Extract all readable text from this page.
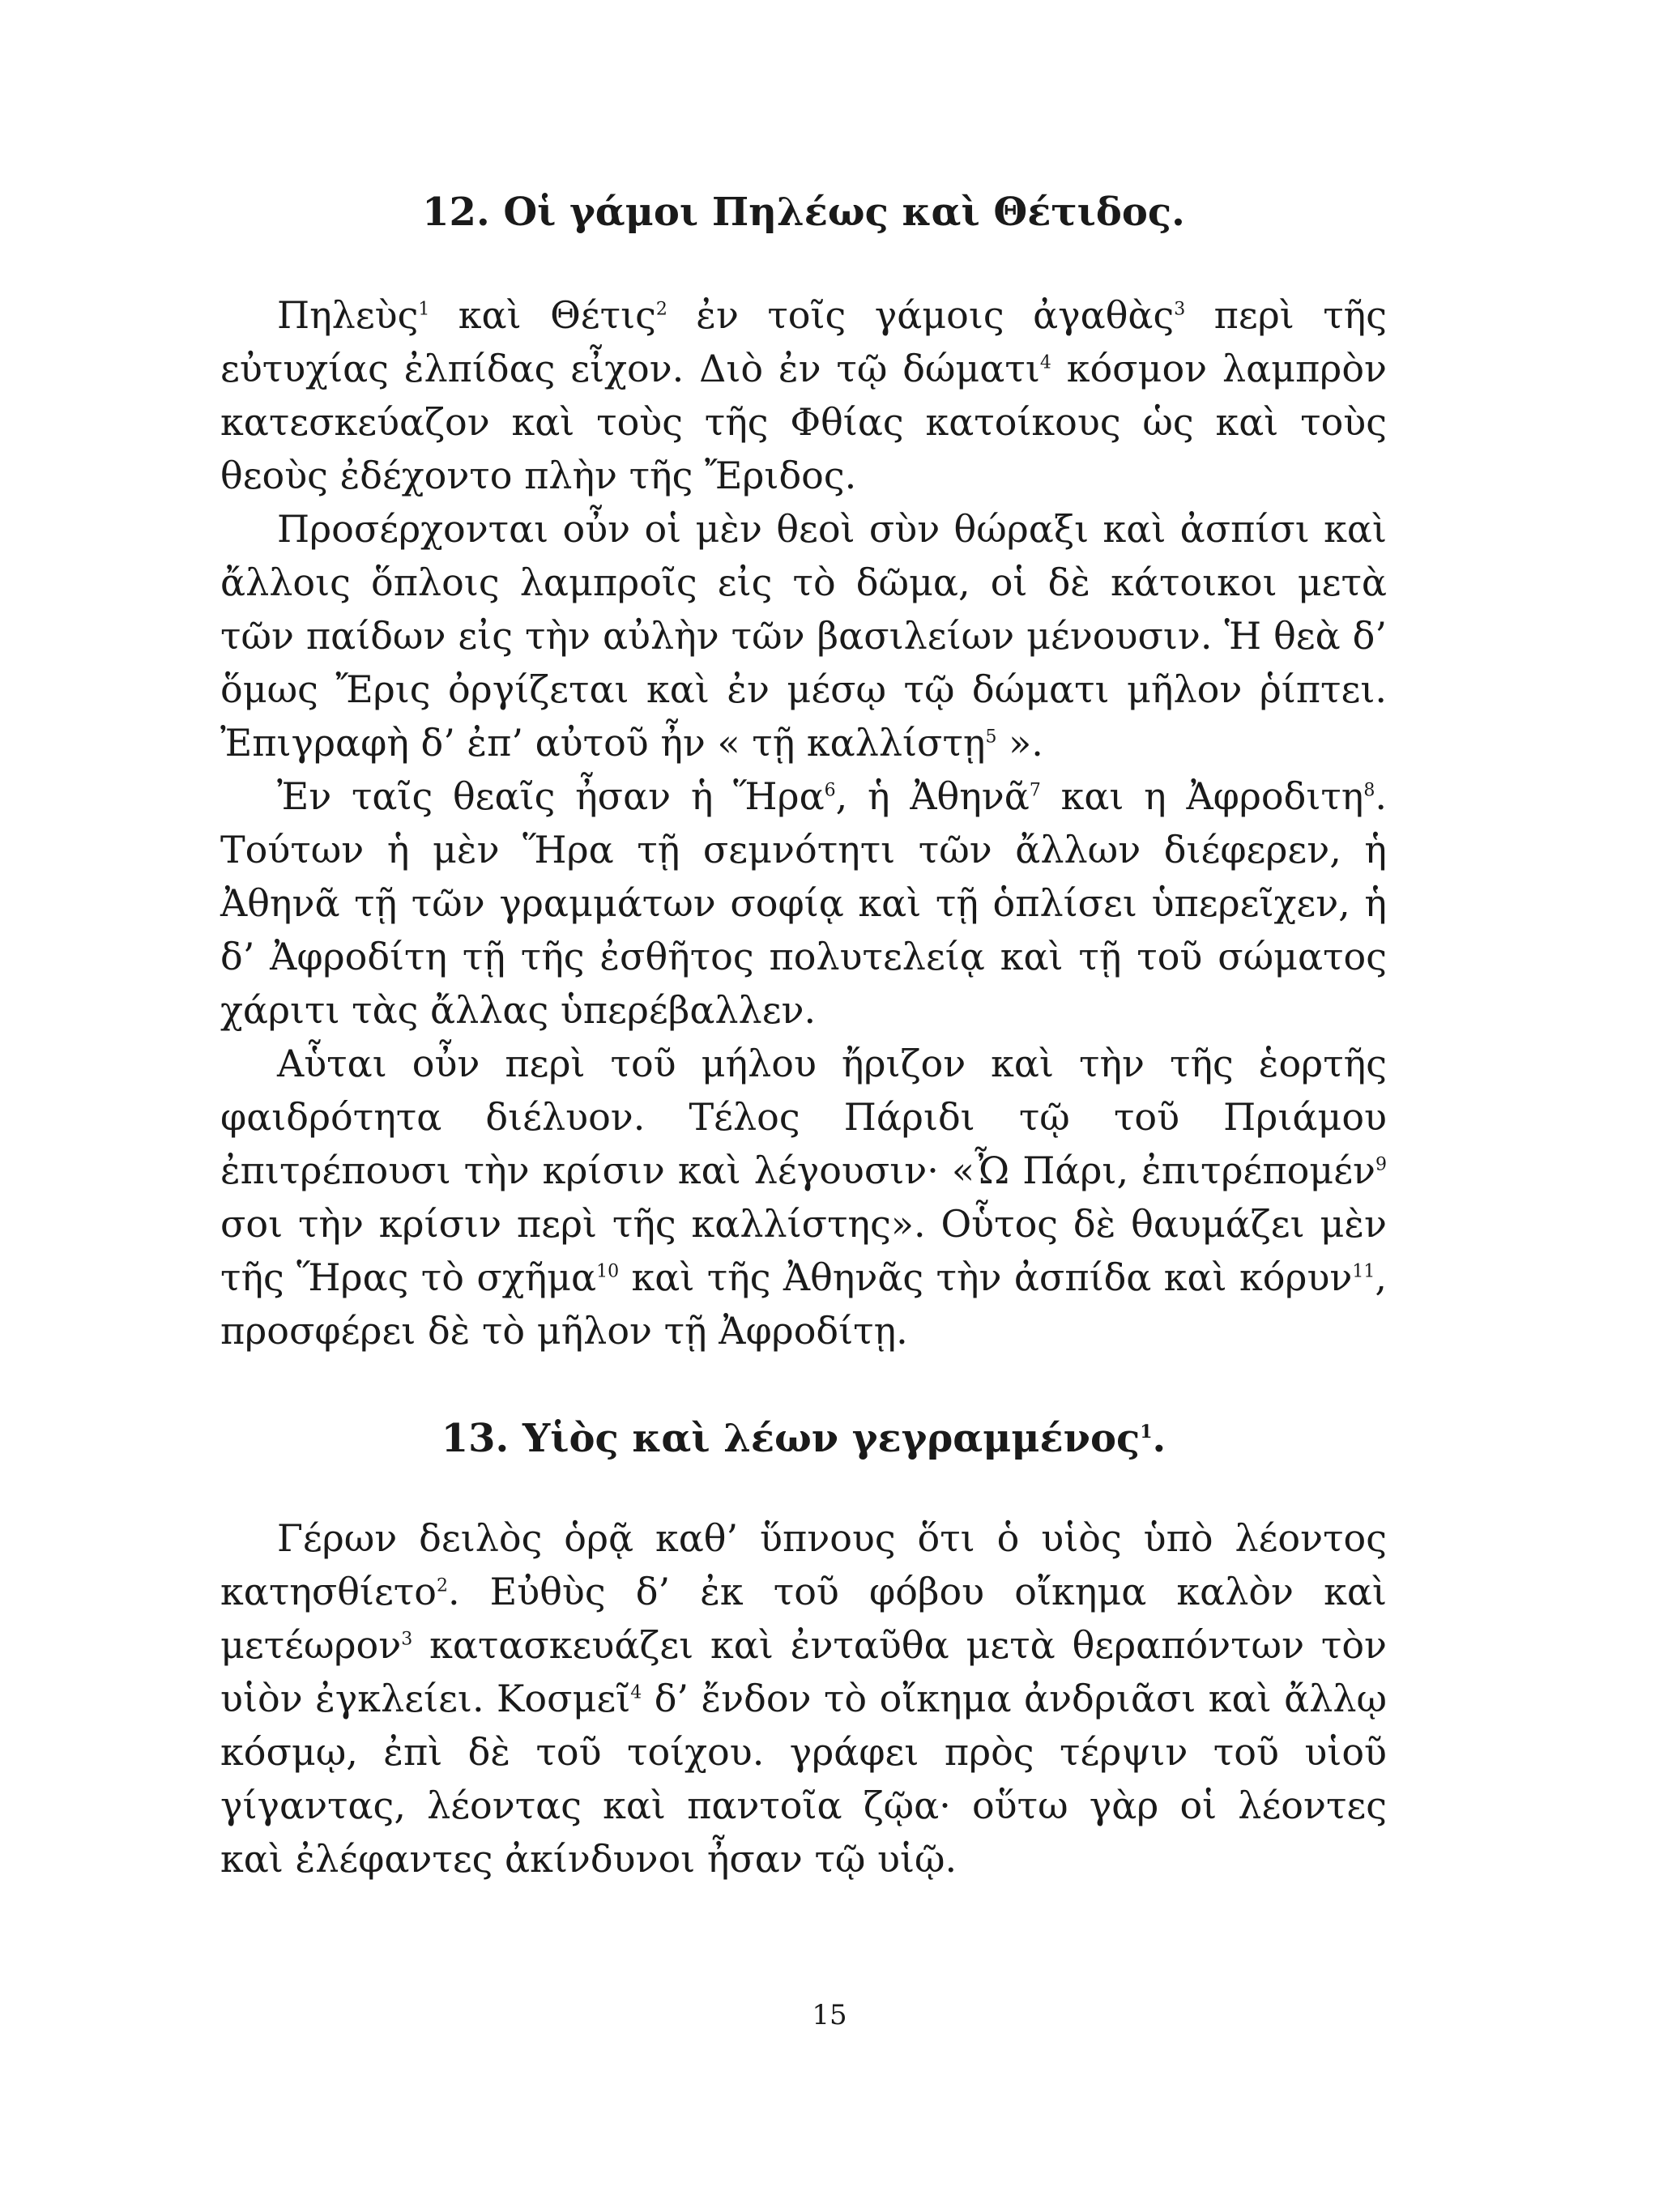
12. Οἱ γάμοι Πηλέως καὶ Θέτιδος.

Πηλεὺς$^1$ καὶ Θέτις$^2$ ἐν τοῖς γάμοις ἀγαθὰς$^3$ περὶ τῆς εὐτυχίας ἐλπίδας εἶχον. Διὸ ἐν τῷ δώματι$^4$ κόσμον λαμπρὸν κατεσκεύαζον καὶ τοὺς τῆς Φθίας κατοίκους ὡς καὶ τοὺς θεοὺς ἐδέχοντο πλὴν τῆς Ἔριδος.

Προσέρχονται οὖν οἱ μὲν θεοὶ σὺν θώραξι καὶ ἀσπίσι καὶ ἄλλοις ὅπλοις λαμπροῖς εἰς τὸ δῶμα, οἱ δὲ κάτοικοι μετὰ τῶν παίδων εἰς τὴν αὐλὴν τῶν βασιλείων μένουσιν. Ἡ θεὰ δ’ ὅμως Ἔρις ὀργίζεται καὶ ἐν μέσῳ τῷ δώματι μῆλον ῥίπτει. Ἐπιγραφὴ δ’ ἐπ’ αὐτοῦ ἦν « τῇ καλλίστῃ$^5$ ».

Ἐν ταῖς θεαῖς ἦσαν ἡ Ἥρα$^6$, ἡ Ἀθηνᾶ$^7$ και η Ἀφροδιτη$^8$. Τούτων ἡ μὲν Ἥρα τῇ σεμνότητι τῶν ἄλλων διέφερεν, ἡ Ἀθηνᾶ τῇ τῶν γραμμάτων σοφίᾳ καὶ τῇ ὁπλίσει ὑπερεῖχεν, ἡ δ’ Ἀφροδίτη τῇ τῆς ἐσθῆτος πολυτελείᾳ καὶ τῇ τοῦ σώματος χάριτι τὰς ἄλλας ὑπερέβαλλεν.

Αὗται οὖν περὶ τοῦ μήλου ἤριζον καὶ τὴν τῆς ἑορτῆς φαιδρότητα διέλυον. Τέλος Πάριδι τῷ τοῦ Πριάμου ἐπιτρέπουσι τὴν κρίσιν καὶ λέγουσιν· «Ὦ Πάρι, ἐπιτρέπομέν$^9$ σοι τὴν κρίσιν περὶ τῆς καλλίστης». Οὗτος δὲ θαυμάζει μὲν τῆς Ἥρας τὸ σχῆμα$^{10}$ καὶ τῆς Ἀθηνᾶς τὴν ἀσπίδα καὶ κόρυν$^{11}$, προσφέρει δὲ τὸ μῆλον τῇ Ἀφροδίτῃ.

13. Υἱὸς καὶ λέων γεγραμμένος$^1$.

Γέρων δειλὸς ὁρᾷ καθ’ ὕπνους ὅτι ὁ υἱὸς ὑπὸ λέοντος κατησθίετο$^2$. Εὐθὺς δ’ ἐκ τοῦ φόβου οἴκημα καλὸν καὶ μετέωρον$^3$ κατασκευάζει καὶ ἐνταῦθα μετὰ θεραπόντων τὸν υἱὸν ἐγκλείει. Κοσμεῖ$^4$ δ’ ἔνδον τὸ οἴκημα ἀνδριᾶσι καὶ ἄλλῳ κόσμῳ, ἐπὶ δὲ τοῦ τοίχου. γράφει πρὸς τέρψιν τοῦ υἱοῦ γίγαντας, λέοντας καὶ παντοῖα ζῷα· οὕτω γὰρ οἱ λέοντες καὶ ἐλέφαντες ἀκίνδυνοι ἦσαν τῷ υἱῷ.

15
